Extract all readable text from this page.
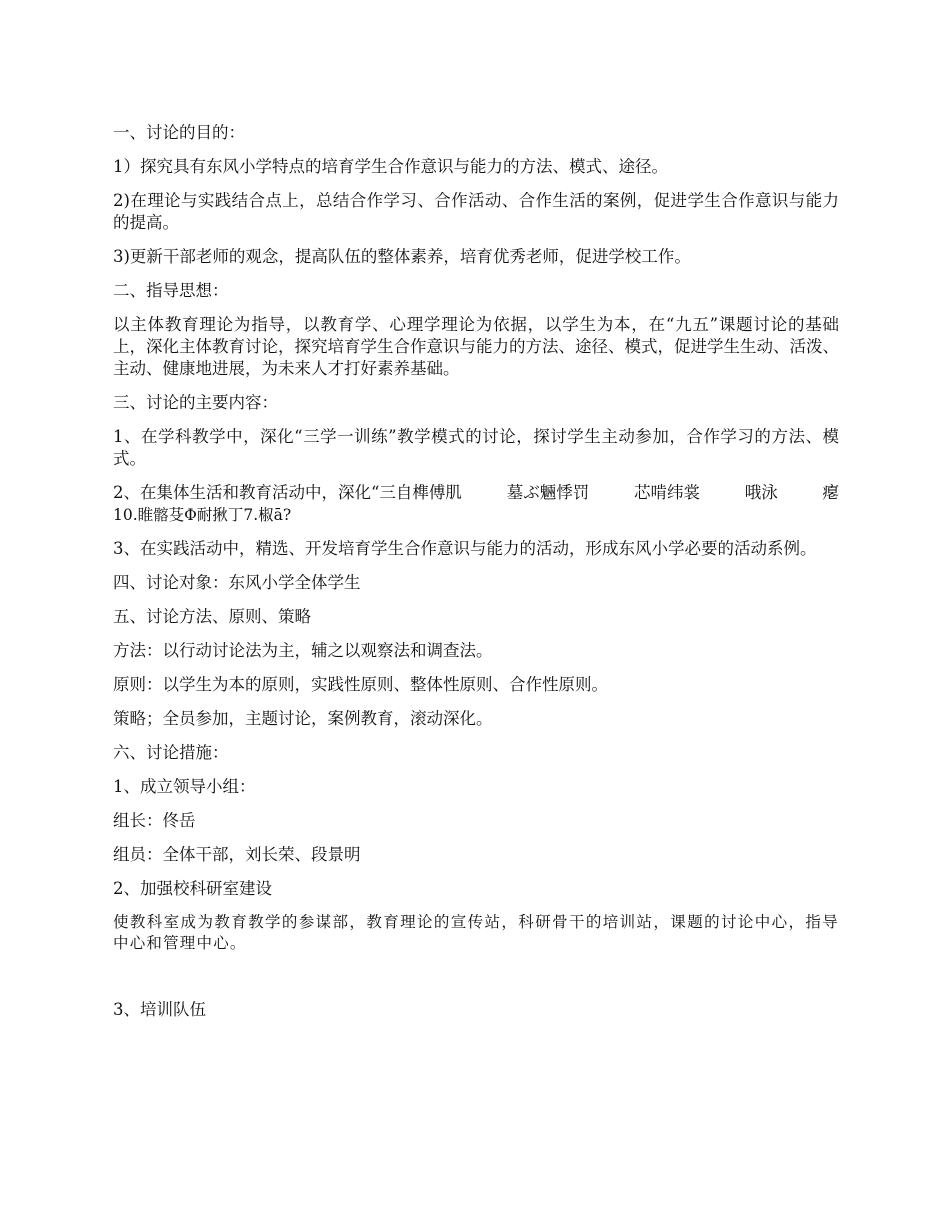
一、讨论的目的：

1）探究具有东风小学特点的培育学生合作意识与能力的方法、模式、途径。

2)在理论与实践结合点上，总结合作学习、合作活动、合作生活的案例，促进学生合作意识与能力的提高。

3)更新干部老师的观念，提高队伍的整体素养，培育优秀老师，促进学校工作。

二、指导思想：

以主体教育理论为指导，以教育学、心理学理论为依据，以学生为本，在“九五”课题讨论的基础上，深化主体教育讨论，探究培育学生合作意识与能力的方法、途径、模式，促进学生生动、活泼、主动、健康地进展，为未来人才打好素养基础。

三、讨论的主要内容：

1、在学科教学中，深化“三学一训练”教学模式的讨论，探讨学生主动参加，合作学习的方法、模式。

2、在集体生活和教育活动中，深化“三自榫傅肌	墓ぶ魎悸罚	芯啃纬裳	哦泳	瘪

10.睢髂芟Φ耐揪丁7.椒ā?

3、在实践活动中，精选、开发培育学生合作意识与能力的活动，形成东风小学必要的活动系例。

四、讨论对象：东风小学全体学生

五、讨论方法、原则、策略

方法：以行动讨论法为主，辅之以观察法和调查法。

原则：以学生为本的原则，实践性原则、整体性原则、合作性原则。

策略；全员参加，主题讨论，案例教育，滚动深化。

六、讨论措施：

1、成立领导小组：

组长：佟岳

组员：全体干部，刘长荣、段景明

2、加强校科研室建设

使教科室成为教育教学的参谋部，教育理论的宣传站，科研骨干的培训站，课题的讨论中心，指导中心和管理中心。

3、培训队伍
